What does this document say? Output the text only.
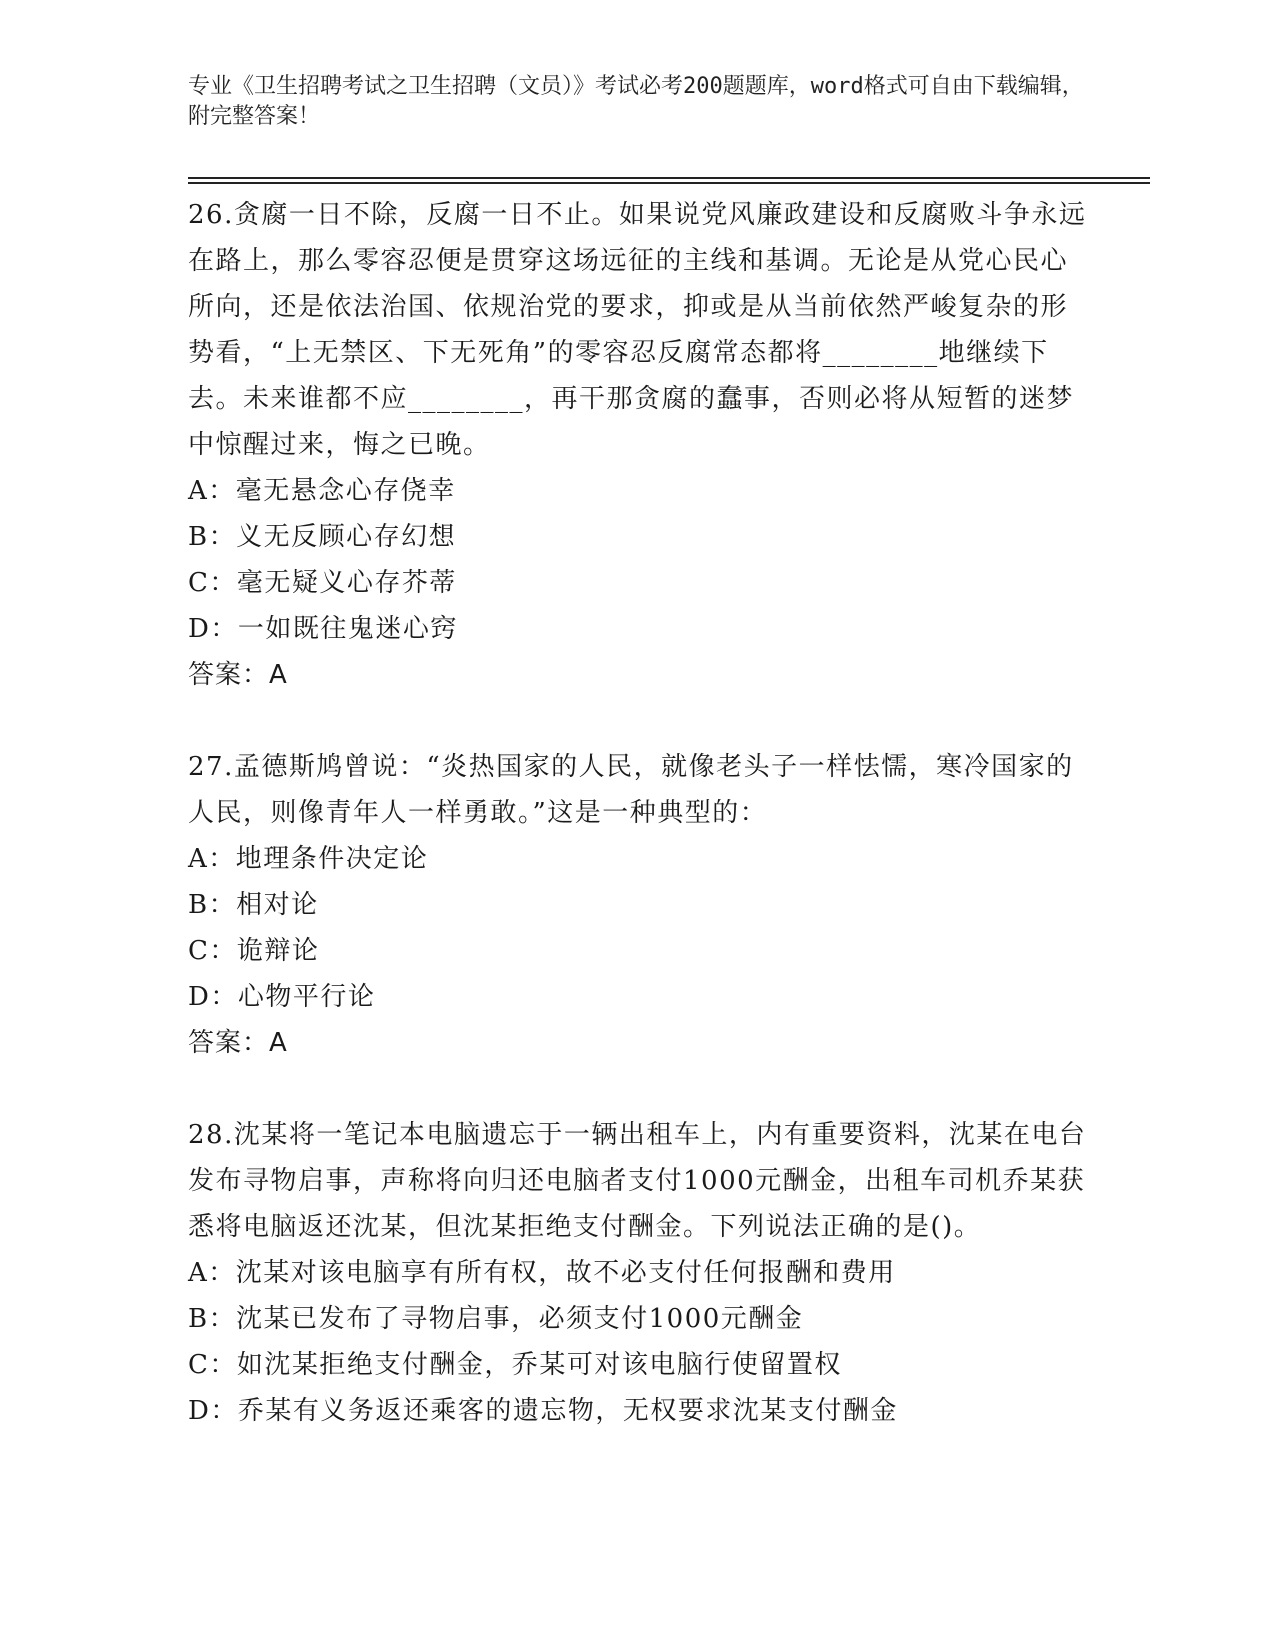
专业《卫生招聘考试之卫生招聘（文员）》考试必考200题题库，word格式可自由下载编辑，附完整答案！

26.贪腐一日不除，反腐一日不止。如果说党风廉政建设和反腐败斗争永远在路上，那么零容忍便是贯穿这场远征的主线和基调。无论是从党心民心所向，还是依法治国、依规治党的要求，抑或是从当前依然严峻复杂的形势看，“上无禁区、下无死角”的零容忍反腐常态都将________地继续下去。未来谁都不应________，再干那贪腐的蠢事，否则必将从短暂的迷梦中惊醒过来，悔之已晚。

A：毫无悬念心存侥幸

B：义无反顾心存幻想

C：毫无疑义心存芥蒂

D：一如既往鬼迷心窍

答案：A

27.孟德斯鸠曾说：“炎热国家的人民，就像老头子一样怯懦，寒冷国家的人民，则像青年人一样勇敢。”这是一种典型的：

A：地理条件决定论

B：相对论

C：诡辩论

D：心物平行论

答案：A

28.沈某将一笔记本电脑遗忘于一辆出租车上，内有重要资料，沈某在电台发布寻物启事，声称将向归还电脑者支付1000元酬金，出租车司机乔某获悉将电脑返还沈某，但沈某拒绝支付酬金。下列说法正确的是()。

A：沈某对该电脑享有所有权，故不必支付任何报酬和费用

B：沈某已发布了寻物启事，必须支付1000元酬金

C：如沈某拒绝支付酬金，乔某可对该电脑行使留置权

D：乔某有义务返还乘客的遗忘物，无权要求沈某支付酬金
